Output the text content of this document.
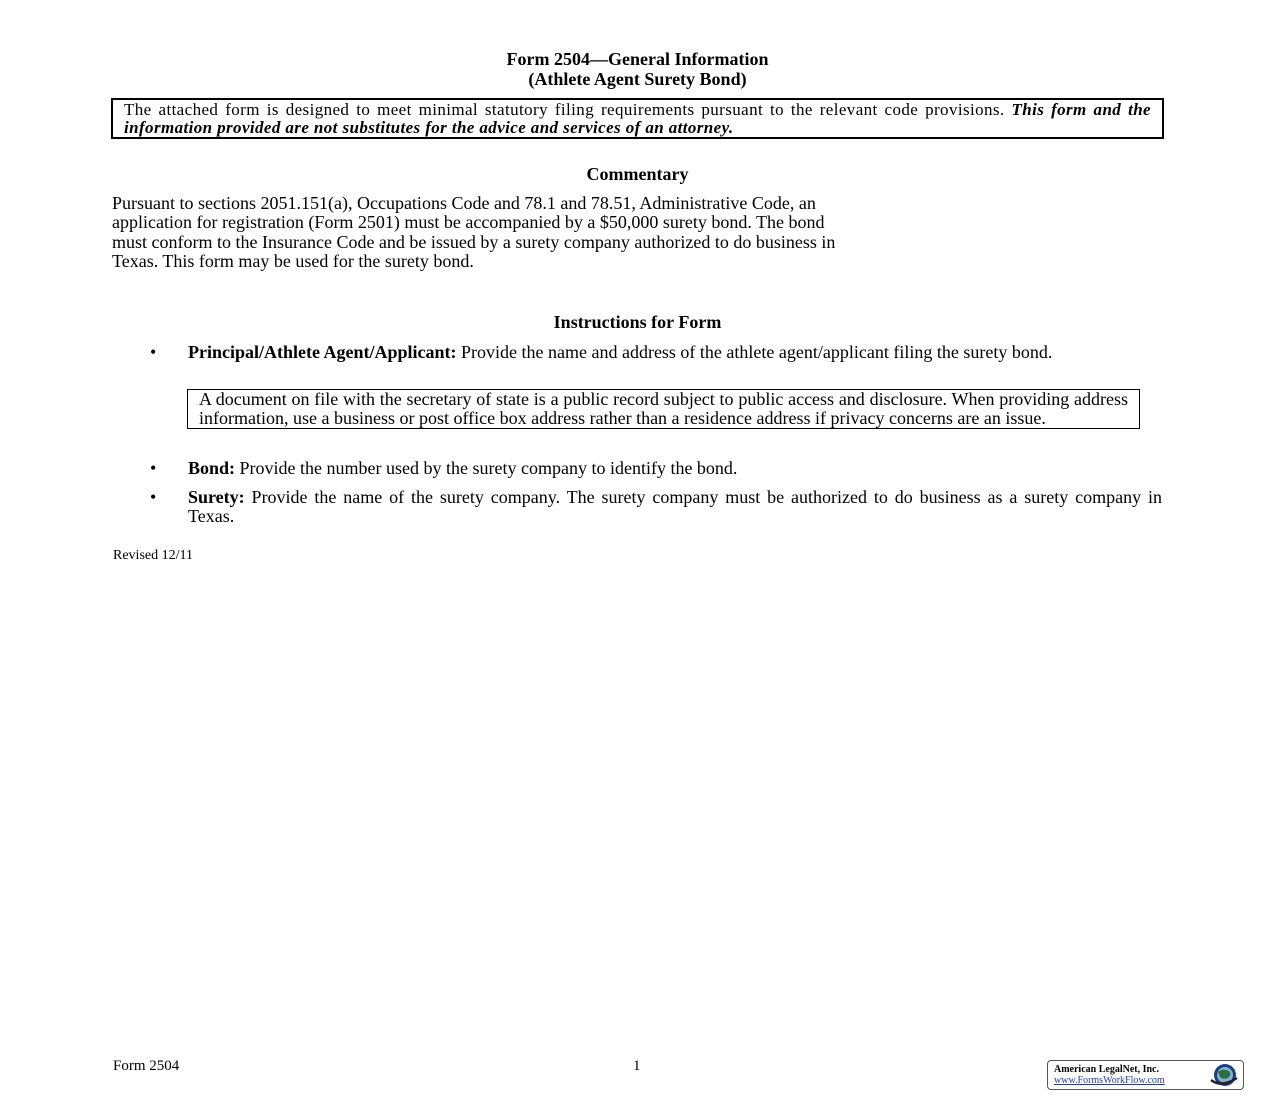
Form 2504—General Information
(Athlete Agent Surety Bond)
The attached form is designed to meet minimal statutory filing requirements pursuant to the relevant code provisions. This form and the information provided are not substitutes for the advice and services of an attorney.
Commentary
Pursuant to sections 2051.151(a), Occupations Code and 78.1 and 78.51, Administrative Code, an
application for registration (Form 2501) must be accompanied by a $50,000 surety bond. The bond
must conform to the Insurance Code and be issued by a surety company authorized to do business in
Texas. This form may be used for the surety bond.
Instructions for Form
• Principal/Athlete Agent/Applicant: Provide the name and address of the athlete agent/applicant filing the surety bond.
A document on file with the secretary of state is a public record subject to public access and disclosure. When providing address information, use a business or post office box address rather than a residence address if privacy concerns are an issue.
• Bond: Provide the number used by the surety company to identify the bond.
• Surety: Provide the name of the surety company. The surety company must be authorized to do business as a surety company in Texas.
Revised 12/11
Form 2504	1	American LegalNet, Inc.
www.FormsWorkFlow.com
